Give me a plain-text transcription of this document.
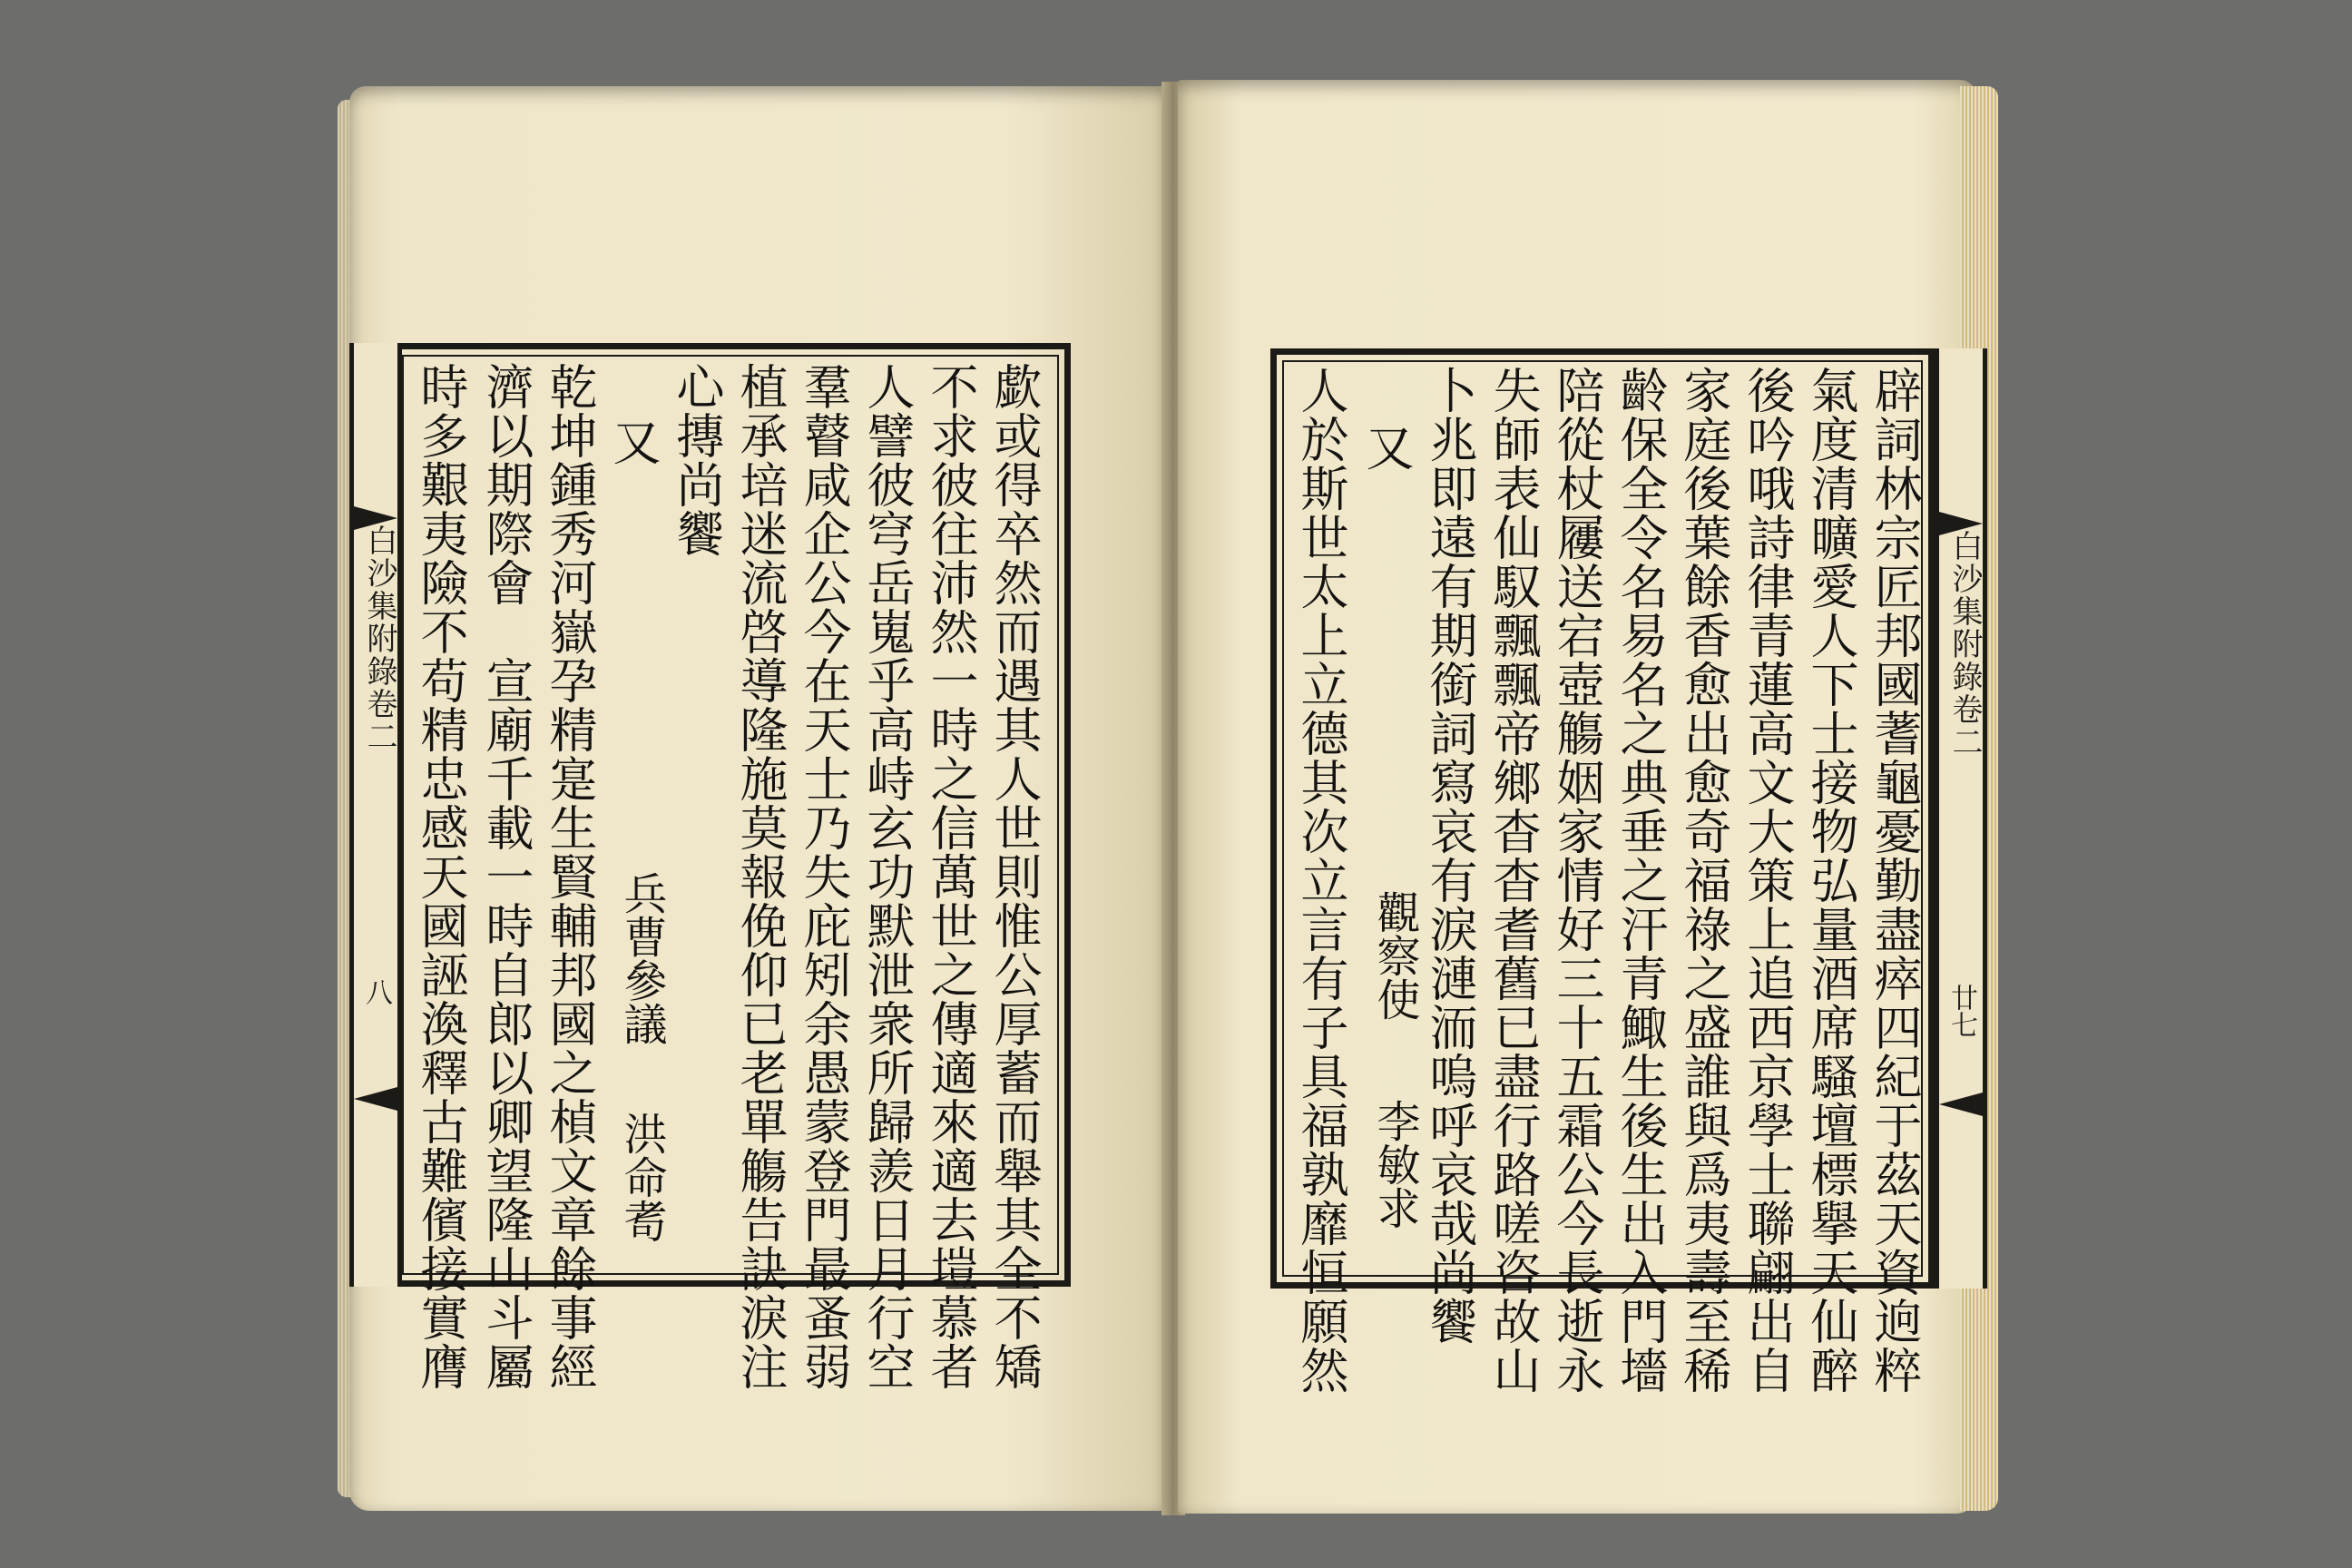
歔或得卒然而遇其人世則惟公厚蓄而舉其全不矯
不求彼往沛然一時之信萬世之傳適來適去塏慕者
人譬彼穹岳嵬乎高峙玄功默泄衆所歸羨日月行空
羣瞽咸企公今在天士乃失庇矧余愚蒙登門最蚤弱
植承培迷流啓導隆施莫報俛仰已老單觴告訣淚注
心摶尚饗
又
兵曹參議
洪命耉
乾坤鍾秀河嶽孕精寔生賢輔邦國之楨文章餘事經
濟以期際會　宣廟千載一時自郎以卿望隆山斗屬
時多艱夷險不苟精忠感天國誣渙釋古難儐接實膺
白沙集附錄卷二
八	辟詞林宗匠邦國蓍龜憂勤盡瘁四紀于茲天資逈粹
氣度清曠愛人下士接物弘量酒席騷壇標擧天仙醉
後吟哦詩律青蓮高文大策上追西京學士聯翩出自
家庭後葉餘香愈出愈奇福祿之盛誰與爲夷壽至稀
齡保全令名易名之典垂之汗青鯫生後生出入門墻
陪從杖屨送宕壺觴姻家情好三十五霜公今長逝永
失師表仙馭飄飄帝鄉杳杳耆舊已盡行路嗟咨故山
卜兆即遠有期銜詞寫哀有淚漣洏嗚呼哀哉尚饗
又
觀察使
李敏求
人於斯世太上立德其次立言有子具福孰靡恒願然	白沙集附錄卷二
廿七
